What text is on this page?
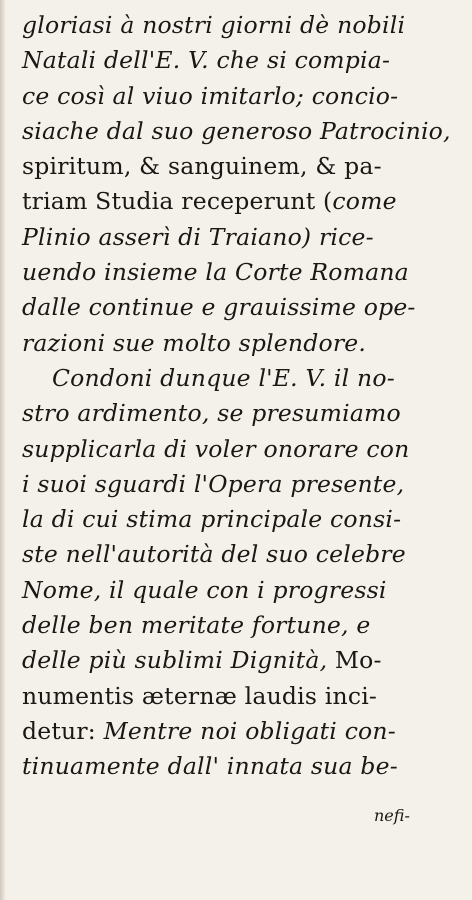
gloriasi à nostri giorni dè nobili
Natali dell'E. V. che si compia-
ce così al viuo imitarlo; concio-
siache dal suo generoso Patrocinio,
spiritum, & sanguinem, & pa-
triam Studia receperunt (come
Plinio asserì di Traiano) rice-
uendo insieme la Corte Romana
dalle continue e grauissime ope-
razioni sue molto splendore.
Condoni dunque l'E. V. il no-
stro ardimento, se presumiamo
supplicarla di voler onorare con
i suoi sguardi l'Opera presente,
la di cui stima principale consi-
ste nell'autorità del suo celebre
Nome, il quale con i progressi
delle ben meritate fortune, e
delle più sublimi Dignità, Mo-
numentis æternæ laudis inci-
detur: Mentre noi obligati con-
tinuamente dall' innata sua be-
nefi-
